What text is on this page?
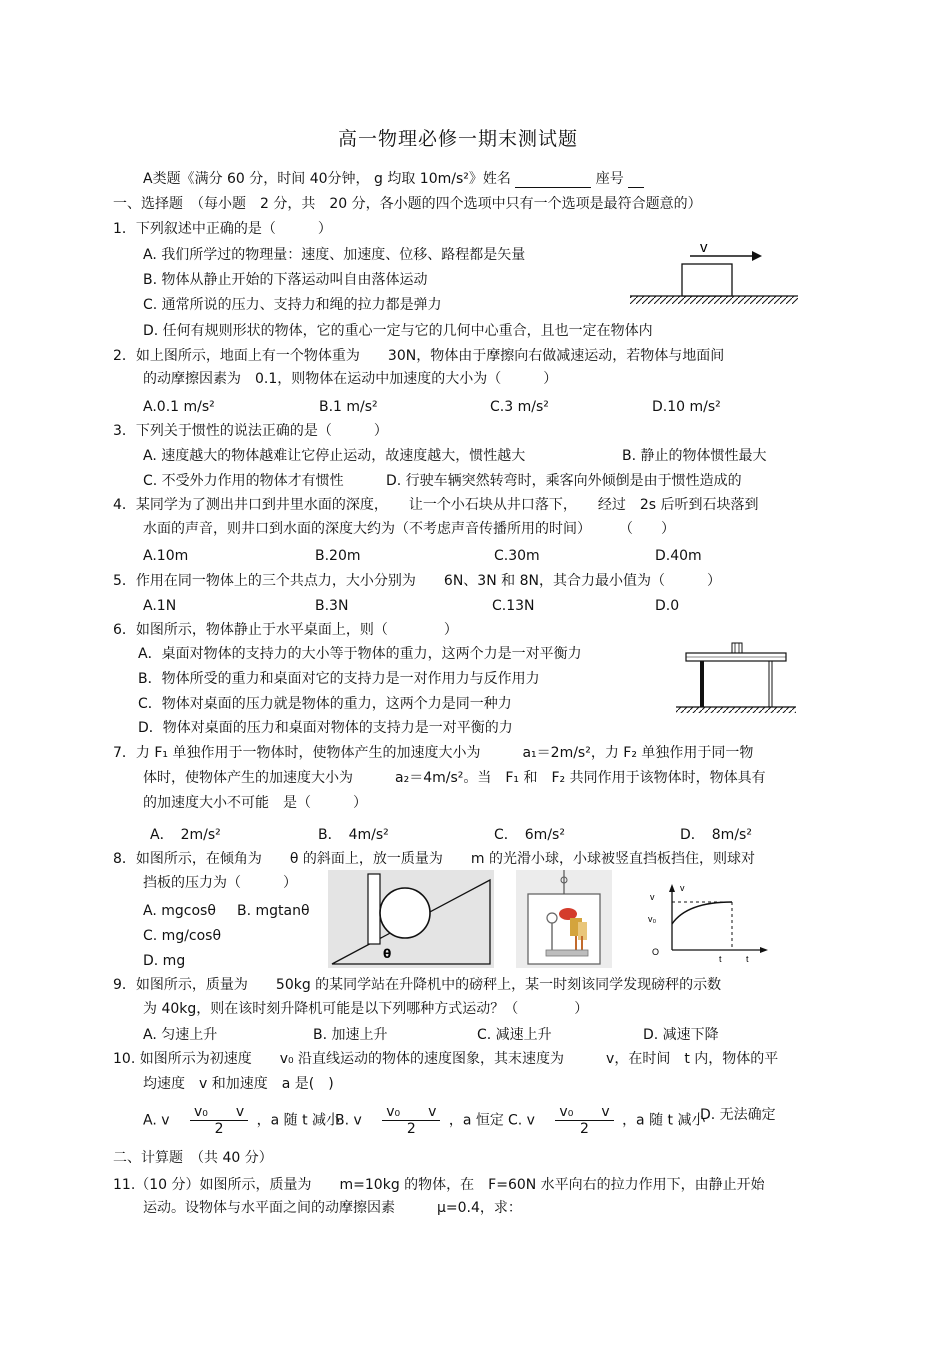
高一物理必修一期末测试题
A类题《满分 60 分，时间 40分钟， g 均取 10m/s²》姓名	座号
一、选择题　（每小题　2 分，共　20 分，各小题的四个选项中只有一个选项是最符合题意的）
1．下列叙述中正确的是（　　　）
A. 我们所学过的物理量：速度、加速度、位移、路程都是矢量
B. 物体从静止开始的下落运动叫自由落体运动
C. 通常所说的压力、支持力和绳的拉力都是弹力
D. 任何有规则形状的物体，它的重心一定与它的几何中心重合，且也一定在物体内
v
2．如上图所示，地面上有一个物体重为　　30N，物体由于摩擦向右做减速运动，若物体与地面间
的动摩擦因素为　0.1，则物体在运动中加速度的大小为（　　　）
A.0.1 m/s²	B.1 m/s²	C.3 m/s²	D.10 m/s²
3．下列关于惯性的说法正确的是（　　　）
A. 速度越大的物体越难让它停止运动，故速度越大，惯性越大	B. 静止的物体惯性最大
C. 不受外力作用的物体才有惯性	D. 行驶车辆突然转弯时，乘客向外倾倒是由于惯性造成的
4．某同学为了测出井口到井里水面的深度，　　让一个小石块从井口落下，　　经过　2s 后听到石块落到
水面的声音，则井口到水面的深度大约为（不考虑声音传播所用的时间）　　　（　　）
A.10m	B.20m	C.30m	D.40m
5．作用在同一物体上的三个共点力，大小分别为　　6N、3N 和 8N，其合力最小值为（　　　）
A.1N	B.3N	C.13N	D.0
6．如图所示，物体静止于水平桌面上，则（　　　　）
A．桌面对物体的支持力的大小等于物体的重力，这两个力是一对平衡力
B．物体所受的重力和桌面对它的支持力是一对作用力与反作用力
C．物体对桌面的压力就是物体的重力，这两个力是同一种力
D．物体对桌面的压力和桌面对物体的支持力是一对平衡的力
7．力 F₁ 单独作用于一物体时，使物体产生的加速度大小为　　　a₁＝2m/s²，力 F₂ 单独作用于同一物
体时，使物体产生的加速度大小为　　　a₂＝4m/s²。当　F₁ 和　F₂ 共同作用于该物体时，物体具有
的加速度大小不可能　是（　　　）
A．　2m/s²	B．　4m/s²	C．　6m/s²	D．　8m/s²
8．如图所示，在倾角为　　θ 的斜面上，放一质量为　　m 的光滑小球，小球被竖直挡板挡住，则球对
挡板的压力为（　　　）
A. mgcosθ B. mgtanθ
C. mg/cosθ
D. mg	θ
v
v
v₀
O
t	t
9．如图所示，质量为　　50kg 的某同学站在升降机中的磅秤上，某一时刻该同学发现磅秤的示数
为 40kg，则在该时刻升降机可能是以下列哪种方式运动？（　　　　）
A. 匀速上升	B. 加速上升	C. 减速上升	D. 减速下降
10. 如图所示为初速度　　v₀ 沿直线运动的物体的速度图象，其末速度为　　　v，在时间　t 内，物体的平
均速度　v 和加速度　a 是(　)
A. v $\frac{\text{v₀　　v}}{2}$ ，a 随 t 减小
B. v $\frac{\text{v₀　　v}}{2}$ ，a 恒定 C. v $\frac{\text{v₀　　v}}{2}$ ，a 随 t 减小
D. 无法确定
二、计算题　（共 40 分）
11.（10 分）如图所示，质量为　　m=10kg 的物体，在　F=60N 水平向右的拉力作用下，由静止开始
运动。设物体与水平面之间的动摩擦因素　　　μ=0.4，求：
